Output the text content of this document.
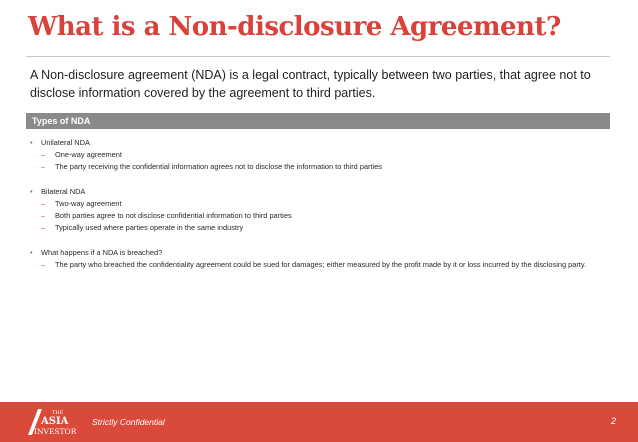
What is a Non-disclosure Agreement?

A Non-disclosure agreement (NDA) is a legal contract, typically between two parties, that agree not to disclose information covered by the agreement to third parties.

Types of NDA
• Unilateral NDA
– One-way agreement
– The party receiving the confidential information agrees not to disclose the information to third parties
• Bilateral NDA
– Two-way agreement
– Both parties agree to not disclose confidential information to third parties
– Typically used where parties operate in the same industry
• What happens if a NDA is breached?
– The party who breached the confidentiality agreement could be sued for damages; either measured by the profit made by it or loss incurred by the disclosing party.
THE
ASIA
INVESTOR
Strictly Confidential	2
